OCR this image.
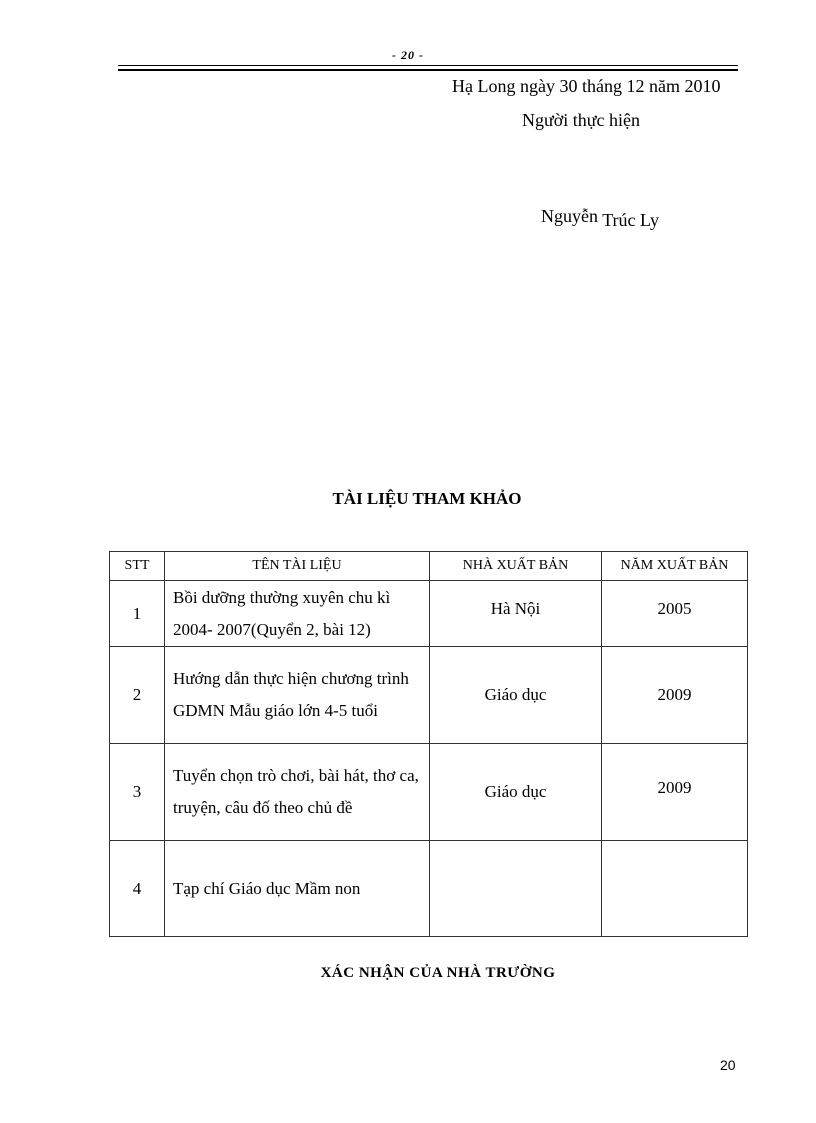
- 20 -
Hạ Long ngày 30 tháng 12 năm 2010
Người thực hiện
Nguyễn Trúc Ly
TÀI LIỆU THAM KHẢO
STT	TÊN TÀI LIỆU	NHÀ XUẤT BẢN	NĂM XUẤT BẢN
1	Bồi dưỡng thường xuyên chu kì 2004- 2007(Quyển 2, bài 12)	Hà Nội	2005
2	Hướng dẫn thực hiện chương trình GDMN Mẫu giáo lớn 4-5 tuổi	Giáo dục	2009
3	Tuyển chọn trò chơi, bài hát, thơ ca, truyện, câu đố theo chủ đề	Giáo dục	2009
4	Tạp chí Giáo dục Mầm non		
XÁC NHẬN CỦA NHÀ TRƯỜNG
20
